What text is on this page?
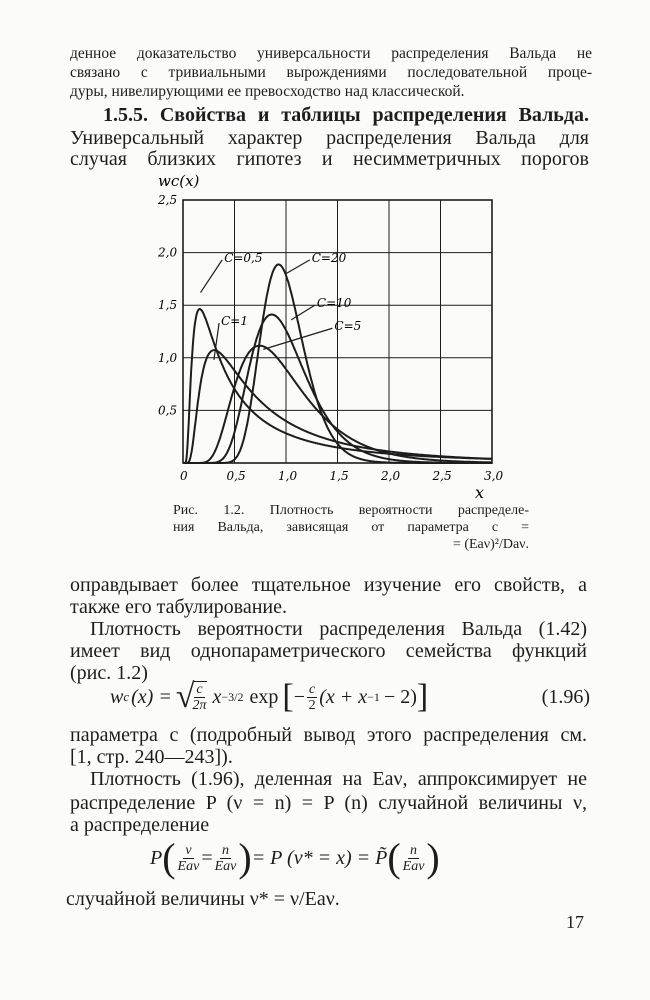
денное доказательство универсальности распределения Вальда не
связано с тривиальными вырождениями последовательной проце-
дуры, нивелирующими ее превосходство над классической.
1.5.5. Свойства и таблицы распределения Вальда.
Универсальный характер распределения Вальда для
случая близких гипотез и несимметричных порогов
0	0,5	1,0	1,5	2,0	2,5	3,0
0,5
1,0
1,5
2,0
2,5
C=0,5
C=1	C=5
C=10
C=20
wс(x)
x
Рис. 1.2. Плотность вероятности распределе-
ния Вальда, зависящая от параметра c =
= (Eaν)²/Daν.
оправдывает более тщательное изучение его свойств, а
также его табулирование.
Плотность вероятности распределения Вальда (1.42)
имеет вид однопараметрического семейства функций
(рис. 1.2)
w c (x) = √
$\frac{c}{2\pi}$ x −3/2 exp [ − $\frac{c}{2} (x + x -1 - 2)$ ]	(1.96)
параметра c (подробный вывод этого распределения см.
[1, стр. 240—243]).
Плотность (1.96), деленная на Eaν, аппроксимирует не
распределение P (ν = n) = P (n) случайной величины ν,
а распределение
P ( $\frac{\nu}{\text{Eaν}} = \frac{n}{\text{Eaν}}$ ) = P (ν* = x) = P̃ ( $\frac{n}{\text{Eaν}}$ )
случайной величины ν* = ν/Eaν.
17
